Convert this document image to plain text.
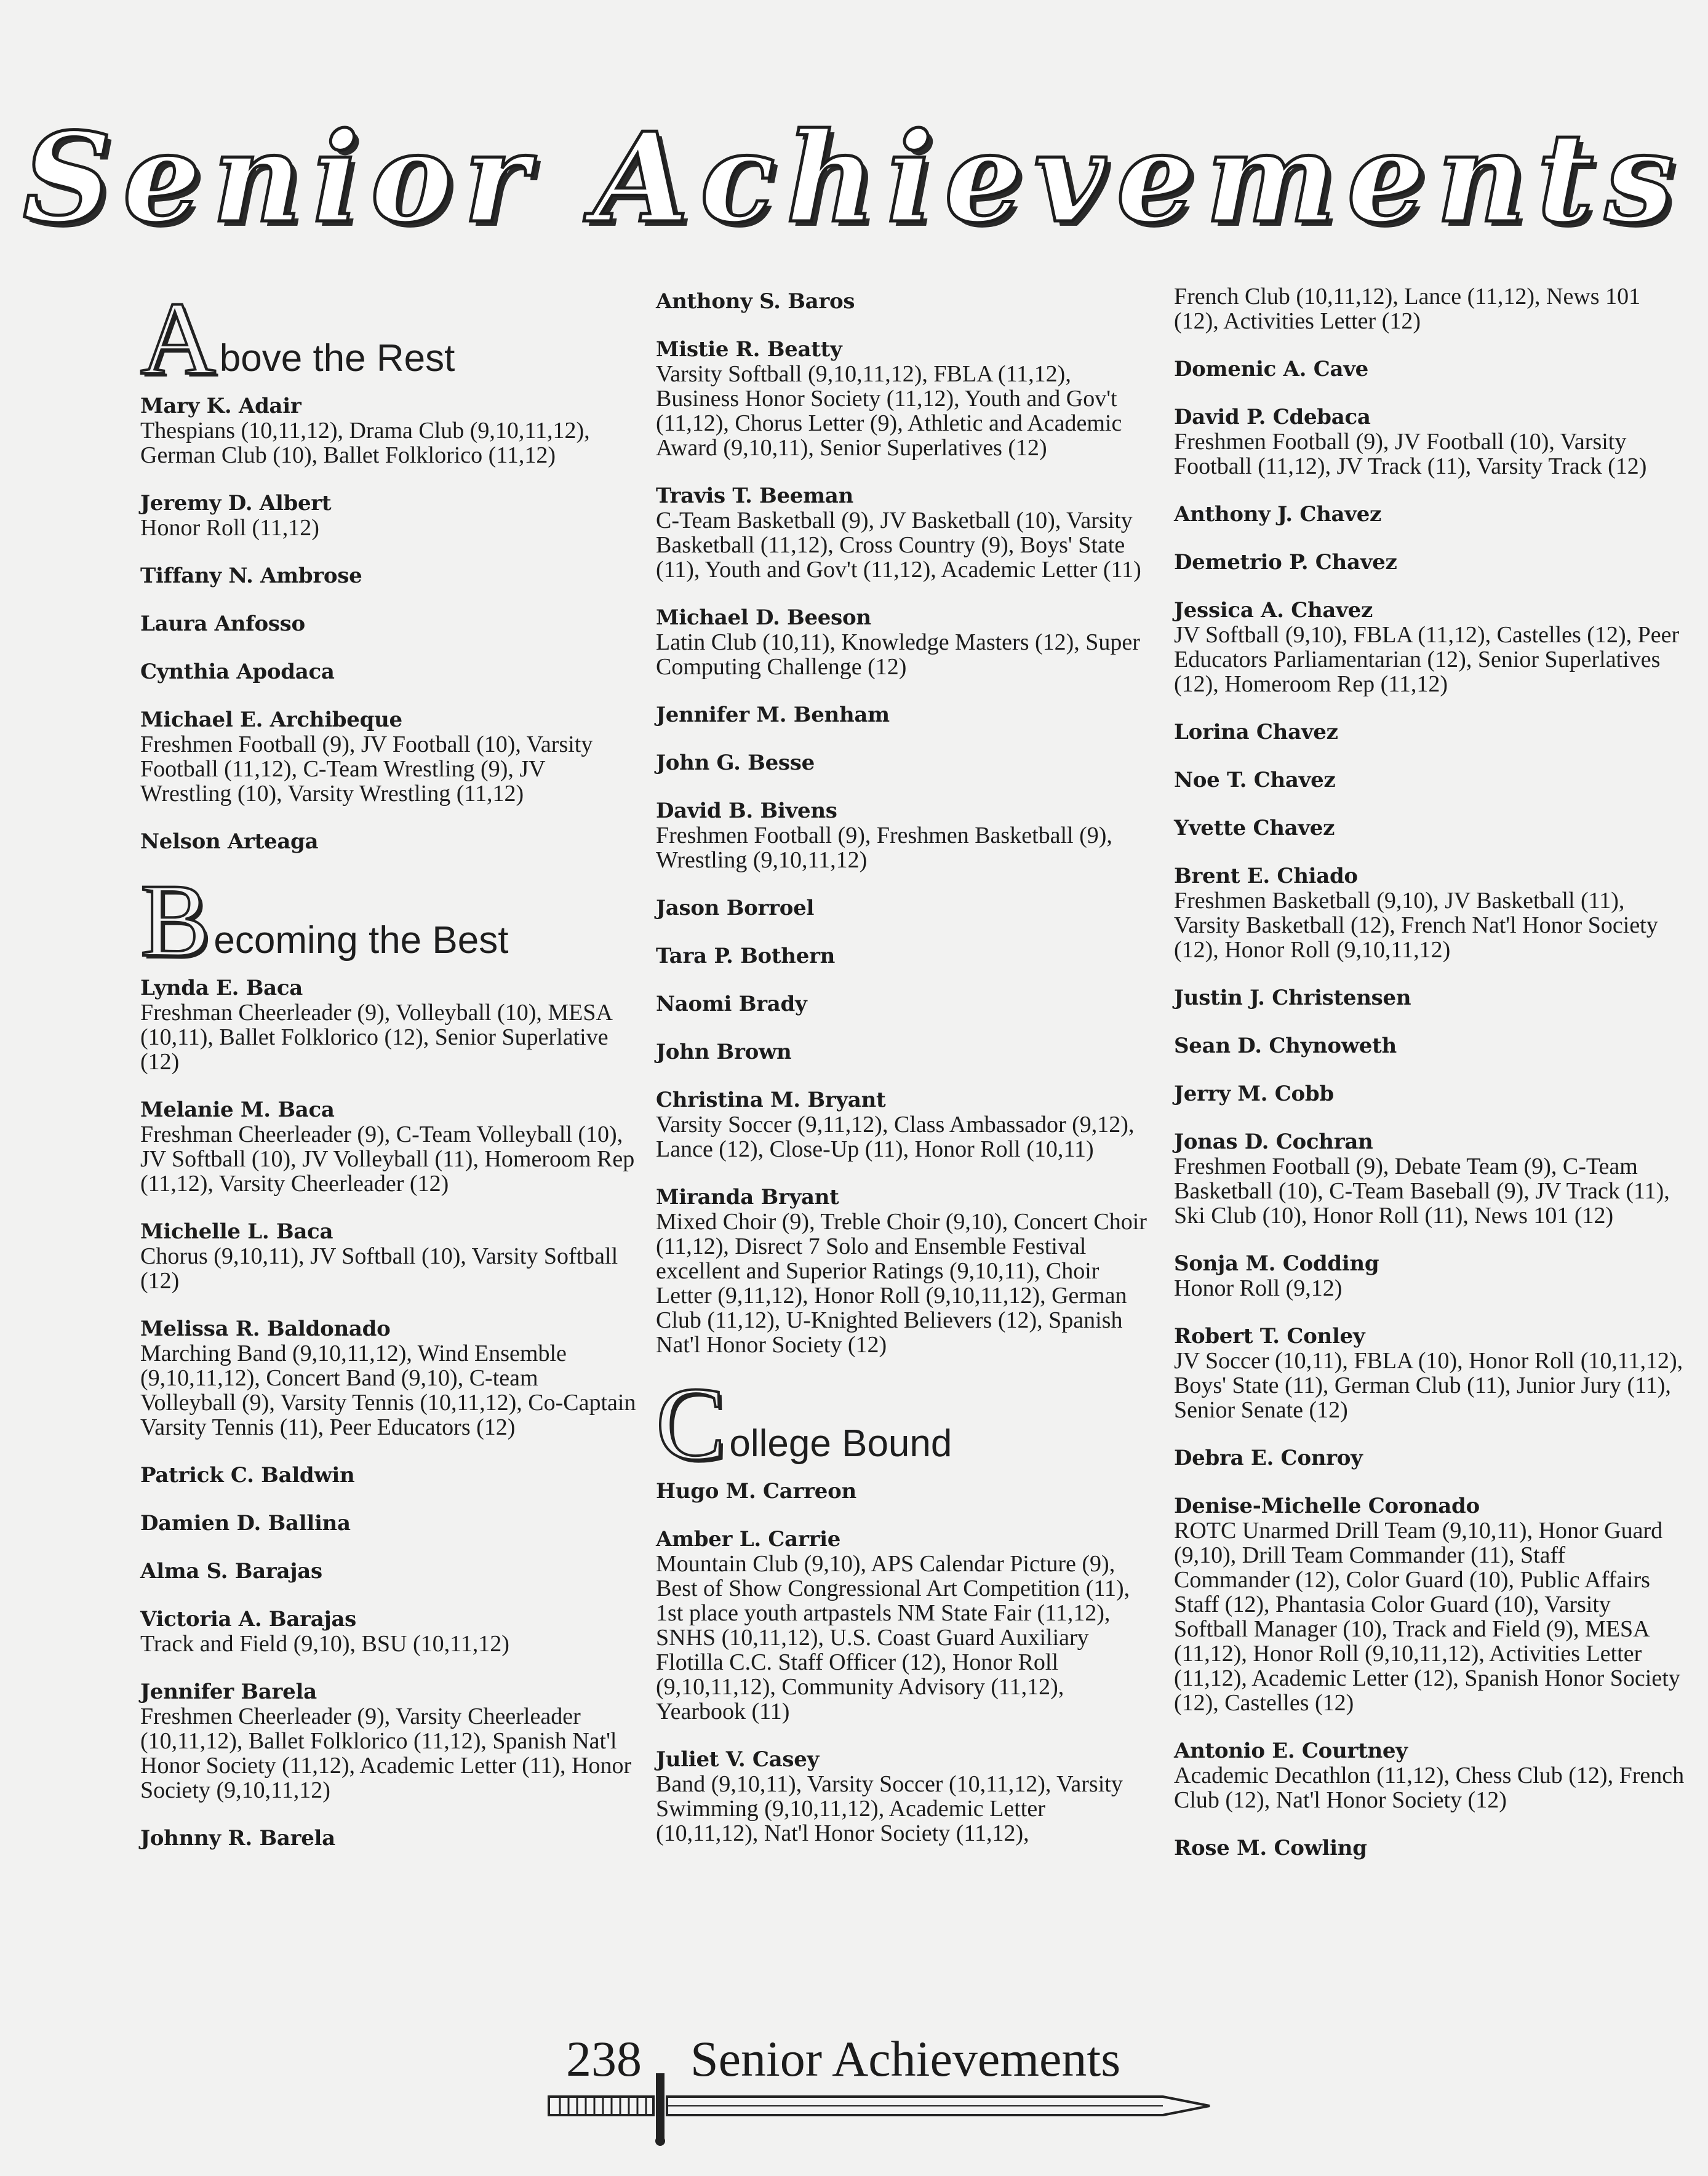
Senior Achievements
A bove the Rest
Mary K. Adair
Thespians (10,11,12), Drama Club (9,10,11,12), German Club (10), Ballet Folklorico (11,12)
Jeremy D. Albert
Honor Roll (11,12)
Tiffany N. Ambrose
Laura Anfosso
Cynthia Apodaca
Michael E. Archibeque
Freshmen Football (9), JV Football (10), Varsity Football (11,12), C-Team Wrestling (9), JV Wrestling (10), Varsity Wrestling (11,12)
Nelson Arteaga
B ecoming the Best
Lynda E. Baca
Freshman Cheerleader (9), Volleyball (10), MESA (10,11), Ballet Folklorico (12), Senior Superlative (12)
Melanie M. Baca
Freshman Cheerleader (9), C-Team Volleyball (10), JV Softball (10), JV Volleyball (11), Homeroom Rep (11,12), Varsity Cheerleader (12)
Michelle L. Baca
Chorus (9,10,11), JV Softball (10), Varsity Softball (12)
Melissa R. Baldonado
Marching Band (9,10,11,12), Wind Ensemble (9,10,11,12), Concert Band (9,10), C-team Volleyball (9), Varsity Tennis (10,11,12), Co-Captain Varsity Tennis (11), Peer Educators (12)
Patrick C. Baldwin
Damien D. Ballina
Alma S. Barajas
Victoria A. Barajas
Track and Field (9,10), BSU (10,11,12)
Jennifer Barela
Freshmen Cheerleader (9), Varsity Cheerleader (10,11,12), Ballet Folklorico (11,12), Spanish Nat'l Honor Society (11,12), Academic Letter (11), Honor Society (9,10,11,12)
Johnny R. Barela
Anthony S. Baros
Mistie R. Beatty
Varsity Softball (9,10,11,12), FBLA (11,12), Business Honor Society (11,12), Youth and Gov't (11,12), Chorus Letter (9), Athletic and Academic Award (9,10,11), Senior Superlatives (12)
Travis T. Beeman
C-Team Basketball (9), JV Basketball (10), Varsity Basketball (11,12), Cross Country (9), Boys' State (11), Youth and Gov't (11,12), Academic Letter (11)
Michael D. Beeson
Latin Club (10,11), Knowledge Masters (12), Super Computing Challenge (12)
Jennifer M. Benham
John G. Besse
David B. Bivens
Freshmen Football (9), Freshmen Basketball (9), Wrestling (9,10,11,12)
Jason Borroel
Tara P. Bothern
Naomi Brady
John Brown
Christina M. Bryant
Varsity Soccer (9,11,12), Class Ambassador (9,12), Lance (12), Close-Up (11), Honor Roll (10,11)
Miranda Bryant
Mixed Choir (9), Treble Choir (9,10), Concert Choir (11,12), Disrect 7 Solo and Ensemble Festival excellent and Superior Ratings (9,10,11), Choir Letter (9,11,12), Honor Roll (9,10,11,12), German Club (11,12), U-Knighted Believers (12), Spanish Nat'l Honor Society (12)
C ollege Bound
Hugo M. Carreon
Amber L. Carrie
Mountain Club (9,10), APS Calendar Picture (9), Best of Show Congressional Art Competition (11), 1st place youth artpastels NM State Fair (11,12), SNHS (10,11,12), U.S. Coast Guard Auxiliary Flotilla C.C. Staff Officer (12), Honor Roll (9,10,11,12), Community Advisory (11,12), Yearbook (11)
Juliet V. Casey
Band (9,10,11), Varsity Soccer (10,11,12), Varsity Swimming (9,10,11,12), Academic Letter (10,11,12), Nat'l Honor Society (11,12),
French Club (10,11,12), Lance (11,12), News 101 (12), Activities Letter (12)
Domenic A. Cave
David P. Cdebaca
Freshmen Football (9), JV Football (10), Varsity Football (11,12), JV Track (11), Varsity Track (12)
Anthony J. Chavez
Demetrio P. Chavez
Jessica A. Chavez
JV Softball (9,10), FBLA (11,12), Castelles (12), Peer Educators Parliamentarian (12), Senior Superlatives (12), Homeroom Rep (11,12)
Lorina Chavez
Noe T. Chavez
Yvette Chavez
Brent E. Chiado
Freshmen Basketball (9,10), JV Basketball (11), Varsity Basketball (12), French Nat'l Honor Society (12), Honor Roll (9,10,11,12)
Justin J. Christensen
Sean D. Chynoweth
Jerry M. Cobb
Jonas D. Cochran
Freshmen Football (9), Debate Team (9), C-Team Basketball (10), C-Team Baseball (9), JV Track (11), Ski Club (10), Honor Roll (11), News 101 (12)
Sonja M. Codding
Honor Roll (9,12)
Robert T. Conley
JV Soccer (10,11), FBLA (10), Honor Roll (10,11,12), Boys' State (11), German Club (11), Junior Jury (11), Senior Senate (12)
Debra E. Conroy
Denise-Michelle Coronado
ROTC Unarmed Drill Team (9,10,11), Honor Guard (9,10), Drill Team Commander (11), Staff Commander (12), Color Guard (10), Public Affairs Staff (12), Phantasia Color Guard (10), Varsity Softball Manager (10), Track and Field (9), MESA (11,12), Honor Roll (9,10,11,12), Activities Letter (11,12), Academic Letter (12), Spanish Honor Society (12), Castelles (12)
Antonio E. Courtney
Academic Decathlon (11,12), Chess Club (12), French Club (12), Nat'l Honor Society (12)
Rose M. Cowling
238 Senior Achievements
